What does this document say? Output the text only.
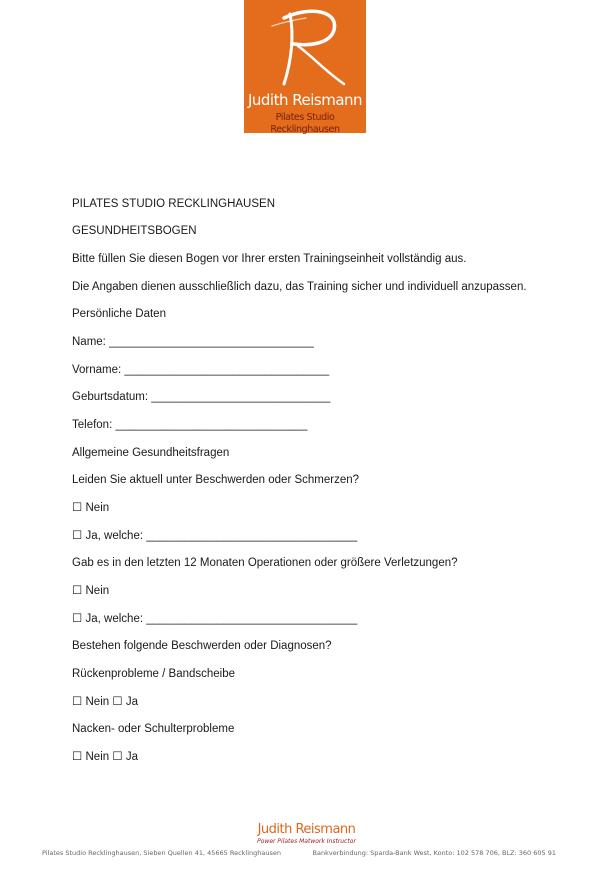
Judith Reismann
Pilates Studio Recklinghausen
PILATES STUDIO RECKLINGHAUSEN
GESUNDHEITSBOGEN
Bitte füllen Sie diesen Bogen vor Ihrer ersten Trainingseinheit vollständig aus.
Die Angaben dienen ausschließlich dazu, das Training sicher und individuell anzupassen.
Persönliche Daten
Name: ________________________________
Vorname: ________________________________
Geburtsdatum: ____________________________
Telefon: ______________________________
Allgemeine Gesundheitsfragen
Leiden Sie aktuell unter Beschwerden oder Schmerzen?
☐ Nein
☐ Ja, welche: _________________________________
Gab es in den letzten 12 Monaten Operationen oder größere Verletzungen?
☐ Nein
☐ Ja, welche: _________________________________
Bestehen folgende Beschwerden oder Diagnosen?
Rückenprobleme / Bandscheibe
☐ Nein ☐ Ja
Nacken- oder Schulterprobleme
☐ Nein ☐ Ja
Judith Reismann
Power Pilates Matwork Instructor
Pilates Studio Recklinghausen, Sieben Quellen 41, 45665 Recklinghausen	Bankverbindung: Sparda-Bank West, Konto: 102 578 706, BLZ: 360 605 91
